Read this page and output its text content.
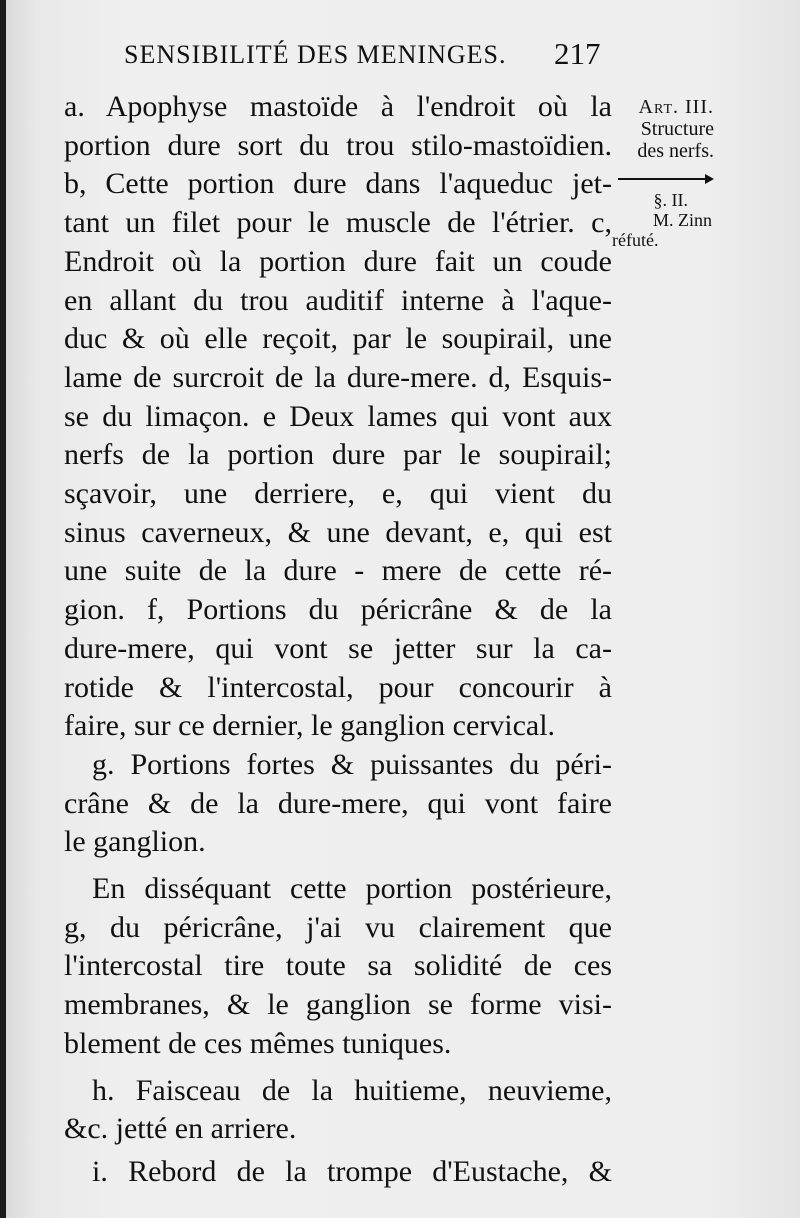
SENSIBILITÉ DES MENINGES. 217
Art. III.
Structure
des nerfs.
§. II.
M. Zinn
réfuté.

a. Apophyse mastoïde à l'endroit où la
portion dure sort du trou stilo-mastoïdien.
b, Cette portion dure dans l'aqueduc jet-
tant un filet pour le muscle de l'étrier. c,
Endroit où la portion dure fait un coude
en allant du trou auditif interne à l'aque-
duc & où elle reçoit, par le soupirail, une
lame de surcroit de la dure-mere. d, Esquis-
se du limaçon. e Deux lames qui vont aux
nerfs de la portion dure par le soupirail;
sçavoir, une derriere, e, qui vient du
sinus caverneux, & une devant, e, qui est
une suite de la dure - mere de cette ré-
gion. f, Portions du péricrâne & de la
dure-mere, qui vont se jetter sur la ca-
rotide & l'intercostal, pour concourir à
faire, sur ce dernier, le ganglion cervical.

g. Portions fortes & puissantes du péri-
crâne & de la dure-mere, qui vont faire
le ganglion.

En disséquant cette portion postérieure,
g, du péricrâne, j'ai vu clairement que
l'intercostal tire toute sa solidité de ces
membranes, & le ganglion se forme visi-
blement de ces mêmes tuniques.

h. Faisceau de la huitieme, neuvieme,
&c. jetté en arriere.

i. Rebord de la trompe d'Eustache, &
